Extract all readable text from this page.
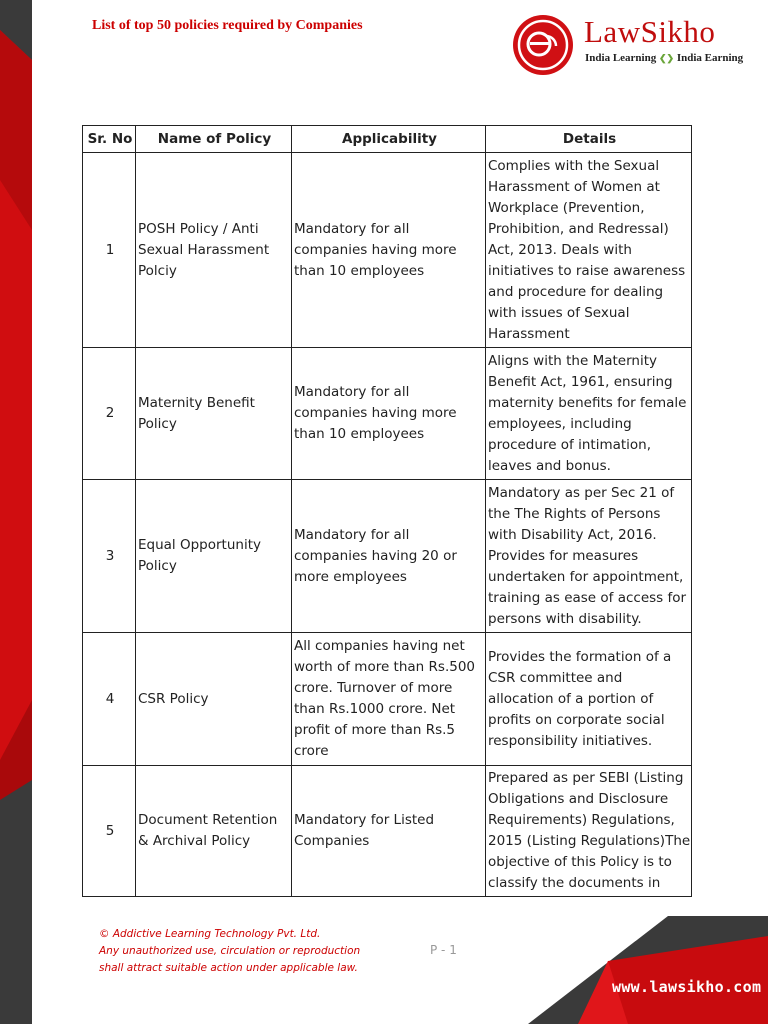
List of top 50 policies required by Companies	LawSikho
India Learning ❮❯ India Earning
Sr. No	Name of Policy	Applicability	Details
1	POSH Policy / Anti Sexual Harassment Polciy	Mandatory for all companies having more than 10 employees	Complies with the Sexual Harassment of Women at Workplace (Prevention, Prohibition, and Redressal) Act, 2013. Deals with initiatives to raise awareness and procedure for dealing with issues of Sexual Harassment
2	Maternity Benefit Policy	Mandatory for all companies having more than 10 employees	Aligns with the Maternity Benefit Act, 1961, ensuring maternity benefits for female employees, including procedure of intimation, leaves and bonus.
3	Equal Opportunity Policy	Mandatory for all companies having 20 or more employees	Mandatory as per Sec 21 of the The Rights of Persons with Disability Act, 2016. Provides for measures undertaken for appointment, training as ease of access for persons with disability.
4	CSR Policy	All companies having net worth of more than Rs.500 crore. Turnover of more than Rs.1000 crore. Net profit of more than Rs.5 crore	Provides the formation of a CSR committee and allocation of a portion of profits on corporate social responsibility initiatives.
5	Document Retention & Archival Policy	Mandatory for Listed Companies	Prepared as per SEBI (Listing Obligations and Disclosure Requirements) Regulations, 2015 (Listing Regulations)The objective of this Policy is to classify the documents in
© Addictive Learning Technology Pvt. Ltd.
Any unauthorized use, circulation or reproduction
shall attract suitable action under applicable law.
P - 1
www.lawsikho.com
